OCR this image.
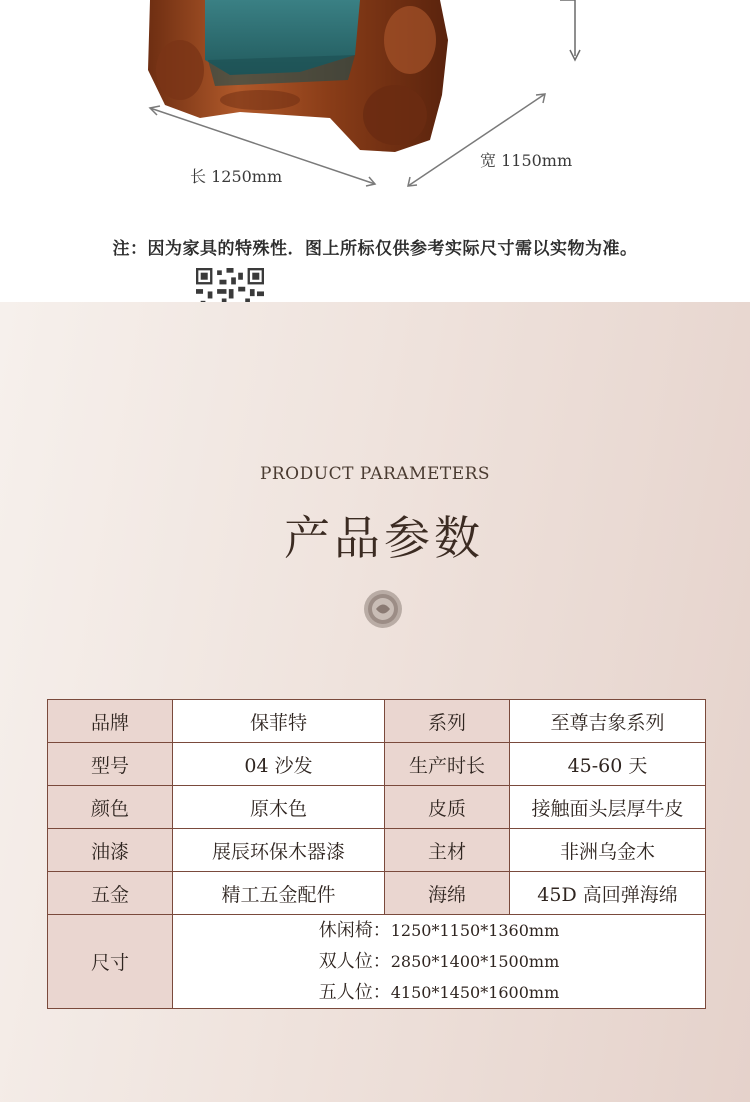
长 1250mm
宽 1150mm
注：因为家具的特殊性．图上所标仅供参考实际尺寸需以实物为准。
PRODUCT PARAMETERS
产品参数
品牌	保菲特	系列	至尊吉象系列
型号	04 沙发	生产时长	45-60 天
颜色	原木色	皮质	接触面头层厚牛皮
油漆	展辰环保木器漆	主材	非洲乌金木
五金	精工五金配件	海绵	45D 高回弹海绵
尺寸	休闲椅：1250*1150*1360mm
双人位：2850*1400*1500mm
五人位：4150*1450*1600mm		
